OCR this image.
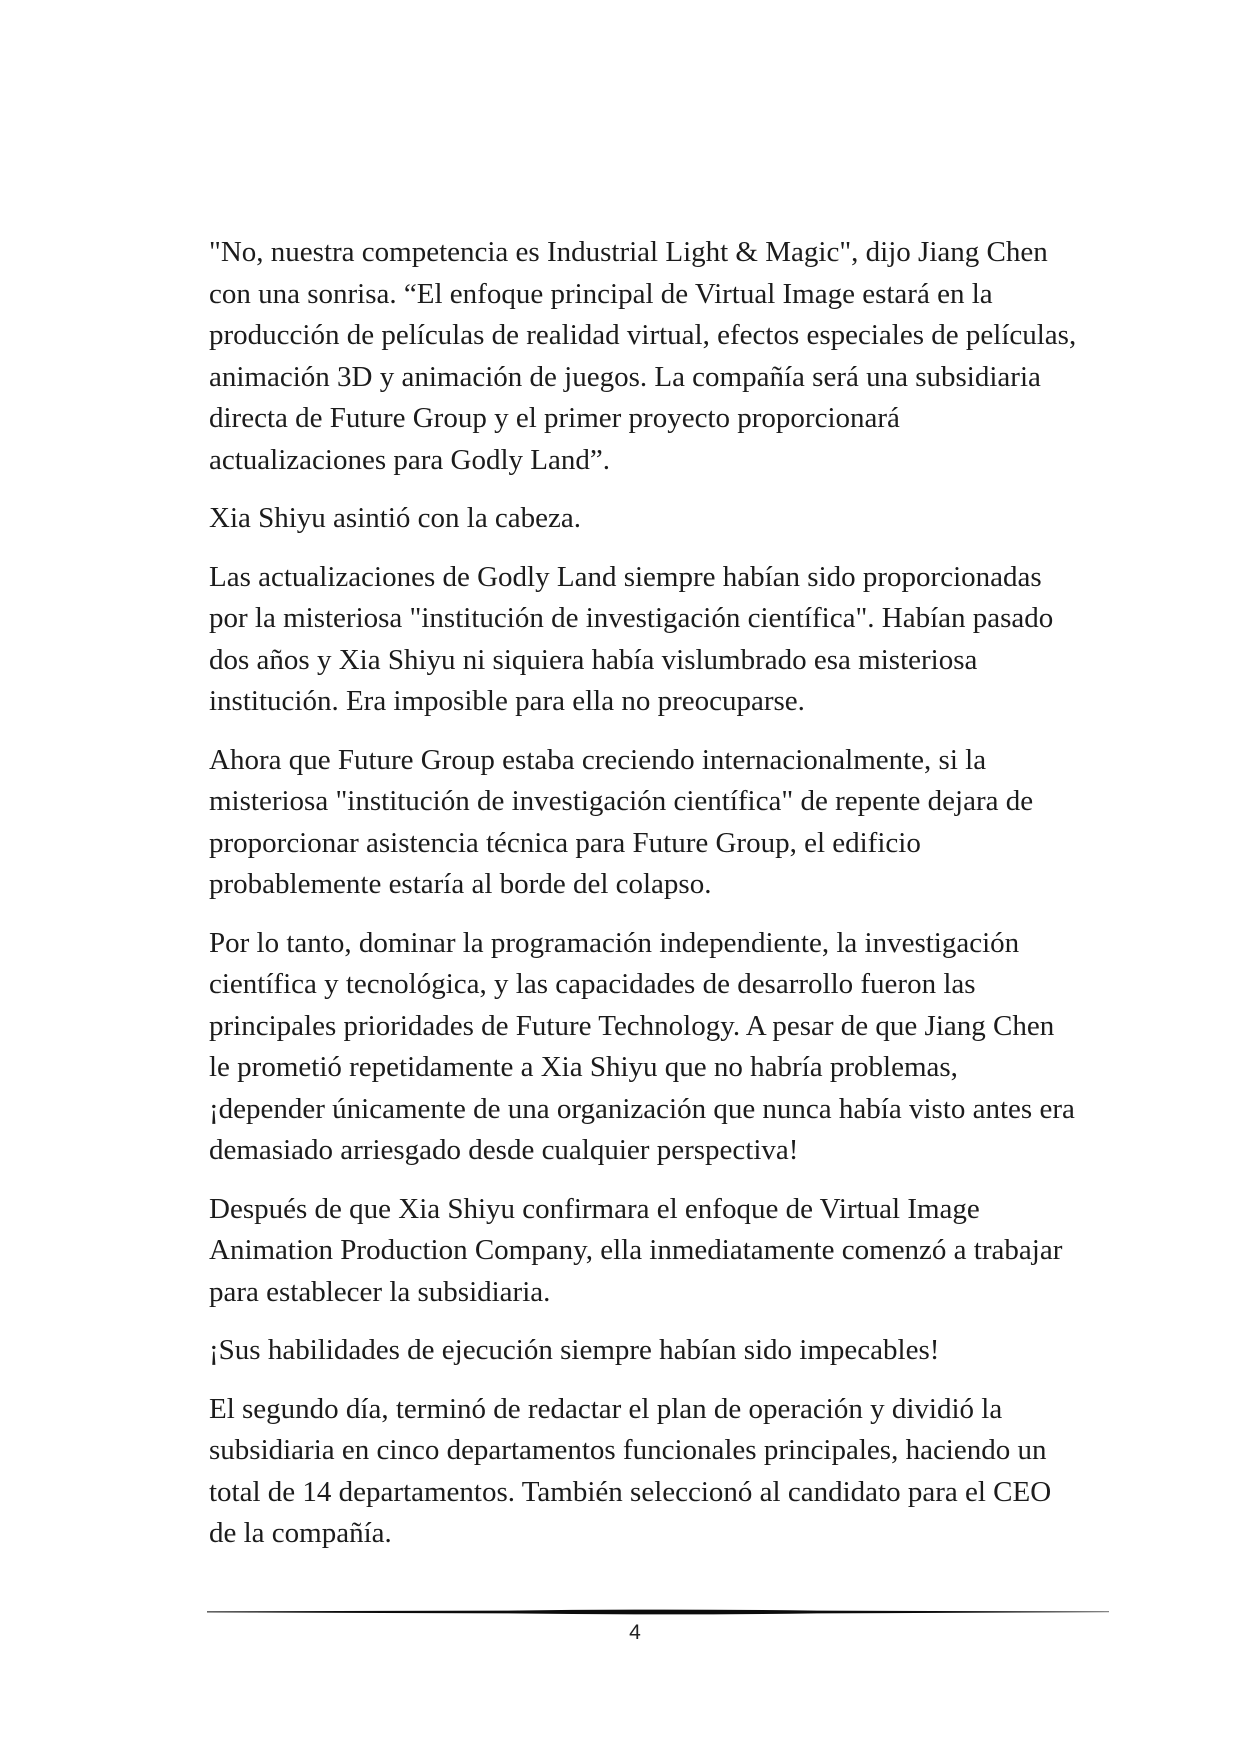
"No, nuestra competencia es Industrial Light & Magic", dijo Jiang Chen con una sonrisa. “El enfoque principal de Virtual Image estará en la producción de películas de realidad virtual, efectos especiales de películas, animación 3D y animación de juegos. La compañía será una subsidiaria directa de Future Group y el primer proyecto proporcionará actualizaciones para Godly Land”.

Xia Shiyu asintió con la cabeza.

Las actualizaciones de Godly Land siempre habían sido proporcionadas por la misteriosa "institución de investigación científica". Habían pasado dos años y Xia Shiyu ni siquiera había vislumbrado esa misteriosa institución. Era imposible para ella no preocuparse.

Ahora que Future Group estaba creciendo internacionalmente, si la misteriosa "institución de investigación científica" de repente dejara de proporcionar asistencia técnica para Future Group, el edificio probablemente estaría al borde del colapso.

Por lo tanto, dominar la programación independiente, la investigación científica y tecnológica, y las capacidades de desarrollo fueron las principales prioridades de Future Technology. A pesar de que Jiang Chen le prometió repetidamente a Xia Shiyu que no habría problemas, ¡depender únicamente de una organización que nunca había visto antes era demasiado arriesgado desde cualquier perspectiva!

Después de que Xia Shiyu confirmara el enfoque de Virtual Image Animation Production Company, ella inmediatamente comenzó a trabajar para establecer la subsidiaria.

¡Sus habilidades de ejecución siempre habían sido impecables!

El segundo día, terminó de redactar el plan de operación y dividió la subsidiaria en cinco departamentos funcionales principales, haciendo un total de 14 departamentos. También seleccionó al candidato para el CEO de la compañía.

4
